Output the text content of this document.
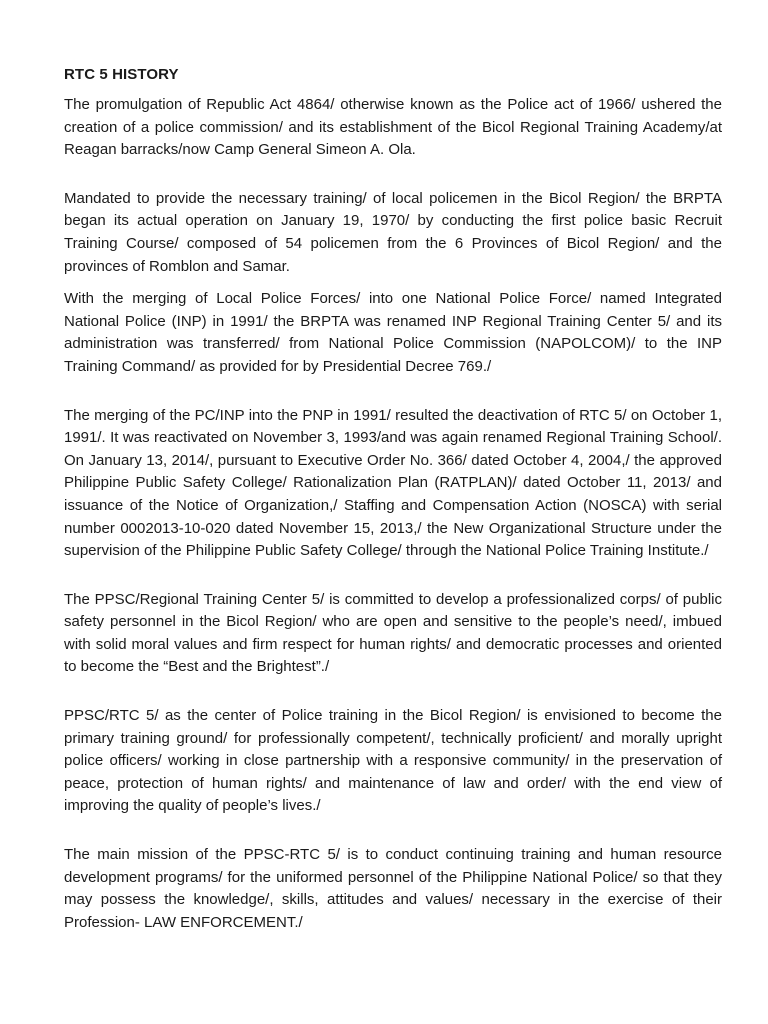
RTC 5 HISTORY

The promulgation of Republic Act 4864/ otherwise known as the Police act of 1966/ ushered the creation of a police commission/ and its establishment of the Bicol Regional Training Academy/at Reagan barracks/now Camp General Simeon A. Ola.

Mandated to provide the necessary training/ of local policemen in the Bicol Region/ the BRPTA began its actual operation on January 19, 1970/ by conducting the first police basic Recruit Training Course/ composed of 54 policemen from the 6 Provinces of Bicol Region/ and the provinces of Romblon and Samar.

With the merging of Local Police Forces/ into one National Police Force/ named Integrated National Police (INP) in 1991/ the BRPTA was renamed INP Regional Training Center 5/ and its administration was transferred/ from National Police Commission (NAPOLCOM)/ to the INP Training Command/ as provided for by Presidential Decree 769./

The merging of the PC/INP into the PNP in 1991/ resulted the deactivation of RTC 5/ on October 1, 1991/. It was reactivated on November 3, 1993/and was again renamed Regional Training School/. On January 13, 2014/, pursuant to Executive Order No. 366/ dated October 4, 2004,/ the approved Philippine Public Safety College/ Rationalization Plan (RATPLAN)/ dated October 11, 2013/ and issuance of the Notice of Organization,/ Staffing and Compensation Action (NOSCA) with serial number 0002013-10-020 dated November 15, 2013,/ the New Organizational Structure under the supervision of the Philippine Public Safety College/ through the National Police Training Institute./

The PPSC/Regional Training Center 5/ is committed to develop a professionalized corps/ of public safety personnel in the Bicol Region/ who are open and sensitive to the people’s need/, imbued with solid moral values and firm respect for human rights/ and democratic processes and oriented to become the “Best and the Brightest”./

PPSC/RTC 5/ as the center of Police training in the Bicol Region/ is envisioned to become the primary training ground/ for professionally competent/, technically proficient/ and morally upright police officers/ working in close partnership with a responsive community/ in the preservation of peace, protection of human rights/ and maintenance of law and order/ with the end view of improving the quality of people’s lives./

The main mission of the PPSC-RTC 5/ is to conduct continuing training and human resource development programs/ for the uniformed personnel of the Philippine National Police/ so that they may possess the knowledge/, skills, attitudes and values/ necessary in the exercise of their Profession- LAW ENFORCEMENT./
